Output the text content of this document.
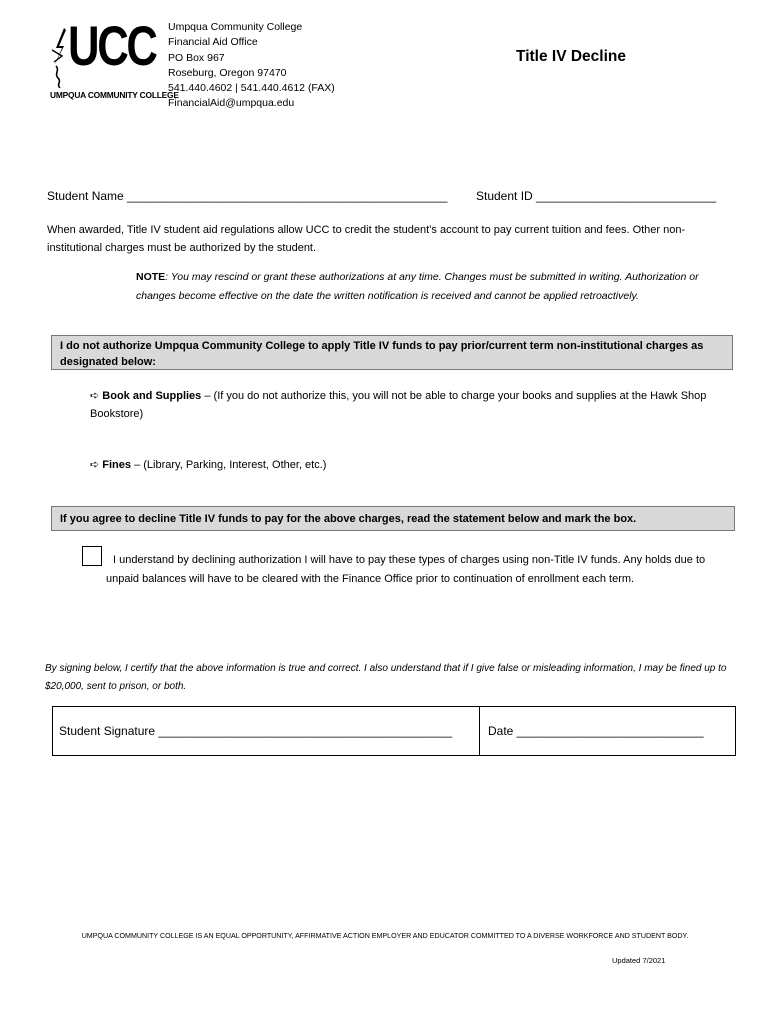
UCC
UMPQUA COMMUNITY COLLEGE
Umpqua Community College
Financial Aid Office
PO Box 967
Roseburg, Oregon 97470
541.440.4602 | 541.440.4612 (FAX)
FinancialAid@umpqua.edu
Title IV Decline
Student Name ________________________________________________ Student ID ___________________________
When awarded, Title IV student aid regulations allow UCC to credit the student’s account to pay current tuition and fees. Other non-institutional charges must be authorized by the student.
NOTE: You may rescind or grant these authorizations at any time. Changes must be submitted in writing. Authorization or changes become effective on the date the written notification is received and cannot be applied retroactively.
I do not authorize Umpqua Community College to apply Title IV funds to pay prior/current term non-institutional charges as designated below:
➪ Book and Supplies – (If you do not authorize this, you will not be able to charge your books and supplies at the Hawk Shop Bookstore)
➪ Fines – (Library, Parking, Interest, Other, etc.)
If you agree to decline Title IV funds to pay for the above charges, read the statement below and mark the box.
I understand by declining authorization I will have to pay these types of charges using non-Title IV funds. Any holds due to unpaid balances will have to be cleared with the Finance Office prior to continuation of enrollment each term.
By signing below, I certify that the above information is true and correct. I also understand that if I give false or misleading information, I may be fined up to $20,000, sent to prison, or both.
Student Signature ____________________________________________	Date ____________________________
UMPQUA COMMUNITY COLLEGE IS AN EQUAL OPPORTUNITY, AFFIRMATIVE ACTION EMPLOYER AND EDUCATOR COMMITTED TO A DIVERSE WORKFORCE AND STUDENT BODY.
Updated 7/2021
